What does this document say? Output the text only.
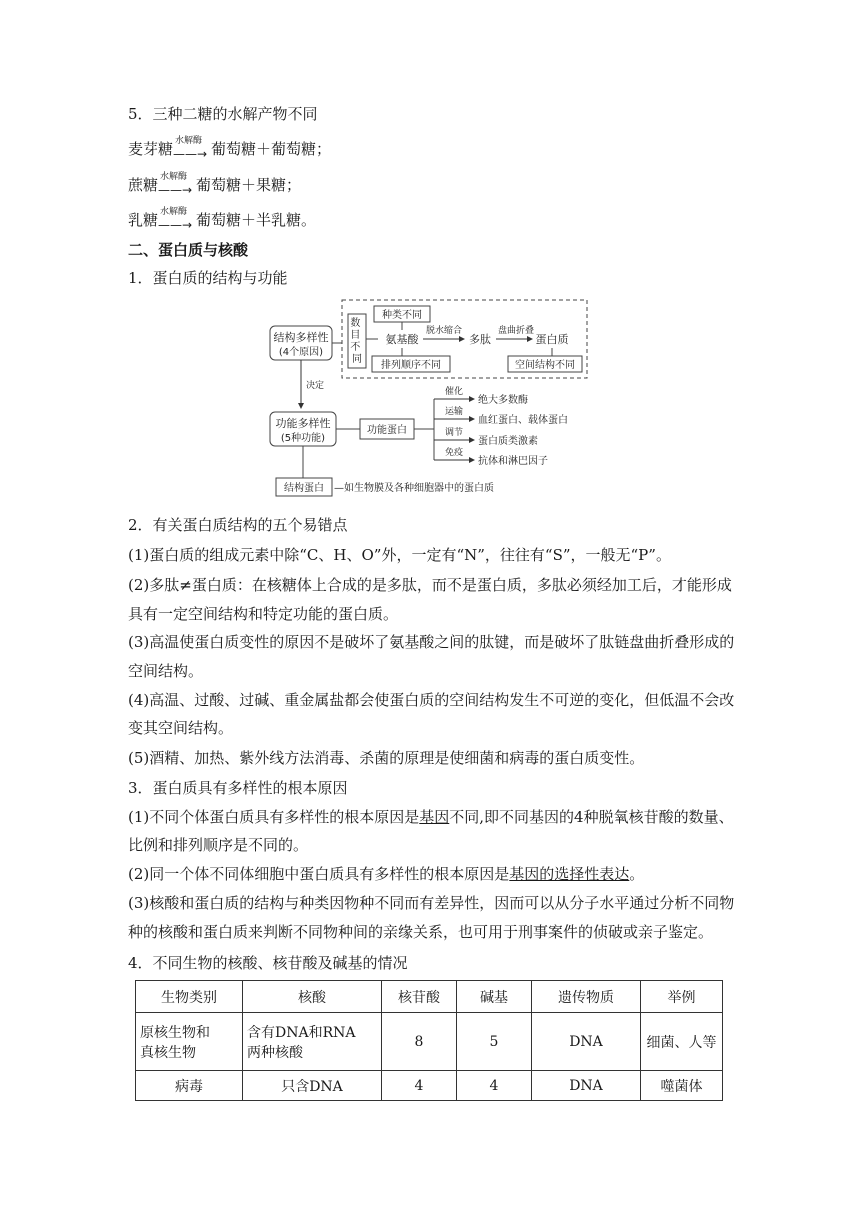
5．三种二糖的水解产物不同
麦芽糖 水解酶
——→ 葡萄糖＋葡萄糖；
蔗糖 水解酶
——→ 葡萄糖＋果糖；
乳糖 水解酶
——→ 葡萄糖＋半乳糖。
二、蛋白质与核酸
1．蛋白质的结构与功能
结构多样性
(4个原因)
数 目 不 同
种类不同
排列顺序不同
氨基酸
脱水缩合
多肽
盘曲折叠
蛋白质
空间结构不同
决定
功能多样性
(5种功能)
功能蛋白
催化
运输
调节
免疫
绝大多数酶
血红蛋白、载体蛋白
蛋白质类激素
抗体和淋巴因子
结构蛋白 —如生物膜及各种细胞器中的蛋白质
2．有关蛋白质结构的五个易错点
(1)蛋白质的组成元素中除“C、H、O”外，一定有“N”，往往有“S”，一般无“P”。
(2)多肽≠蛋白质：在核糖体上合成的是多肽，而不是蛋白质，多肽必须经加工后，才能形成
具有一定空间结构和特定功能的蛋白质。
(3)高温使蛋白质变性的原因不是破坏了氨基酸之间的肽键，而是破坏了肽链盘曲折叠形成的
空间结构。
(4)高温、过酸、过碱、重金属盐都会使蛋白质的空间结构发生不可逆的变化，但低温不会改
变其空间结构。
(5)酒精、加热、紫外线方法消毒、杀菌的原理是使细菌和病毒的蛋白质变性。
3．蛋白质具有多样性的根本原因
(1)不同个体蛋白质具有多样性的根本原因是基因不同,即不同基因的4种脱氧核苷酸的数量、
比例和排列顺序是不同的。
(2)同一个体不同体细胞中蛋白质具有多样性的根本原因是基因的选择性表达。
(3)核酸和蛋白质的结构与种类因物种不同而有差异性，因而可以从分子水平通过分析不同物
种的核酸和蛋白质来判断不同物种间的亲缘关系，也可用于刑事案件的侦破或亲子鉴定。
4．不同生物的核酸、核苷酸及碱基的情况
生物类别	核酸	核苷酸	碱基	遗传物质	举例
原核生物和
真核生物	含有DNA和RNA
两种核酸	8	5	DNA	细菌、人等
病毒	只含DNA	4	4	DNA	噬菌体
